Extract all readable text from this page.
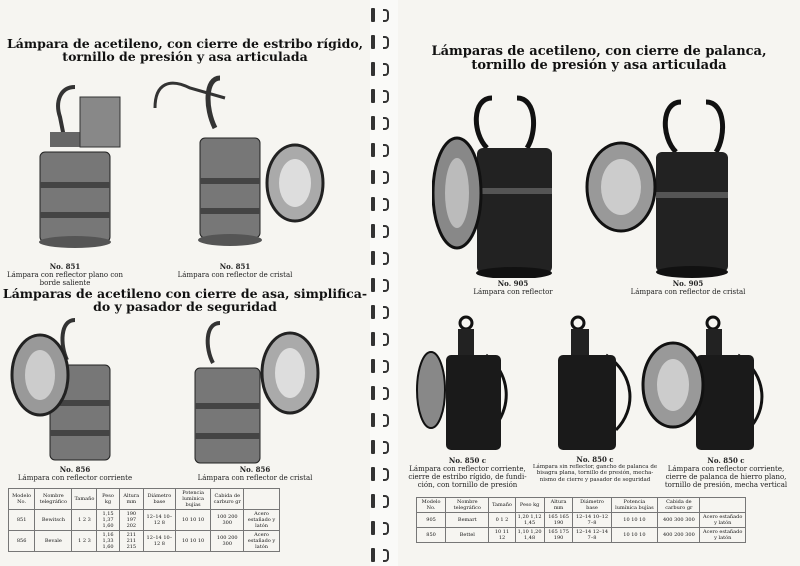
Lámpara de acetileno, con cierre de estribo rígido,
tornillo de presión y asa articulada
No. 851
Lámpara con reflector plano con
borde saliente
No. 851
Lámpara con reflector de cristal
Lámparas de acetileno con cierre de asa, simplifica-
do y pasador de seguridad
No. 856
Lámpara con reflector corriente
No. 856
Lámpara con reflector de cristal
Modelo No.	Nombre telegráfico	Tamaño	Peso kg	Altura mm	Diámetro base	Potencia lumínica bujías	Cabida de carburo gr	
851	Bewitsch	1 2 3	1,15 1,37 1,60	190 197 202	12–14 10–12 8	10 10 10	100 200 300	Acero estañado y latón
856	Bevale	1 2 3	1,16 1,33 1,60	211 211 215	12–14 10–12 8	10 10 10	100 200 300	Acero estañado y latón
Lámparas de acetileno, con cierre de palanca,
tornillo de presión y asa articulada
No. 905
Lámpara con reflector
No. 905
Lámpara con reflector de cristal
No. 850 c
Lámpara con reflector corriente,
cierre de estribo rígido, de fundi-
ción, con tornillo de presión
No. 850 c
Lámpara sin reflector, gancho de palanca de
bisagra plana, tornillo de presión, mecha-
nismo de cierre y pasador de seguridad
No. 850 c
Lámpara con reflector corriente,
cierre de palanca de hierro plano,
tornillo de presión, mecha vertical
Modelo No.	Nombre telegráfico	Tamaño	Peso kg	Altura mm	Diámetro base	Potencia lumínica bujías	Cabida de carburo gr	
905	Bemart	0 1 2	1,20 1,12 1,45	165 165 190	12–14 10–12 7–8	10 10 10	400 300 300	Acero estañado y latón
850	Bettel	10 11 12	1,10 1,20 1,48	165 175 190	12–14 12–14 7–8	10 10 10	400 200 300	Acero estañado y latón
